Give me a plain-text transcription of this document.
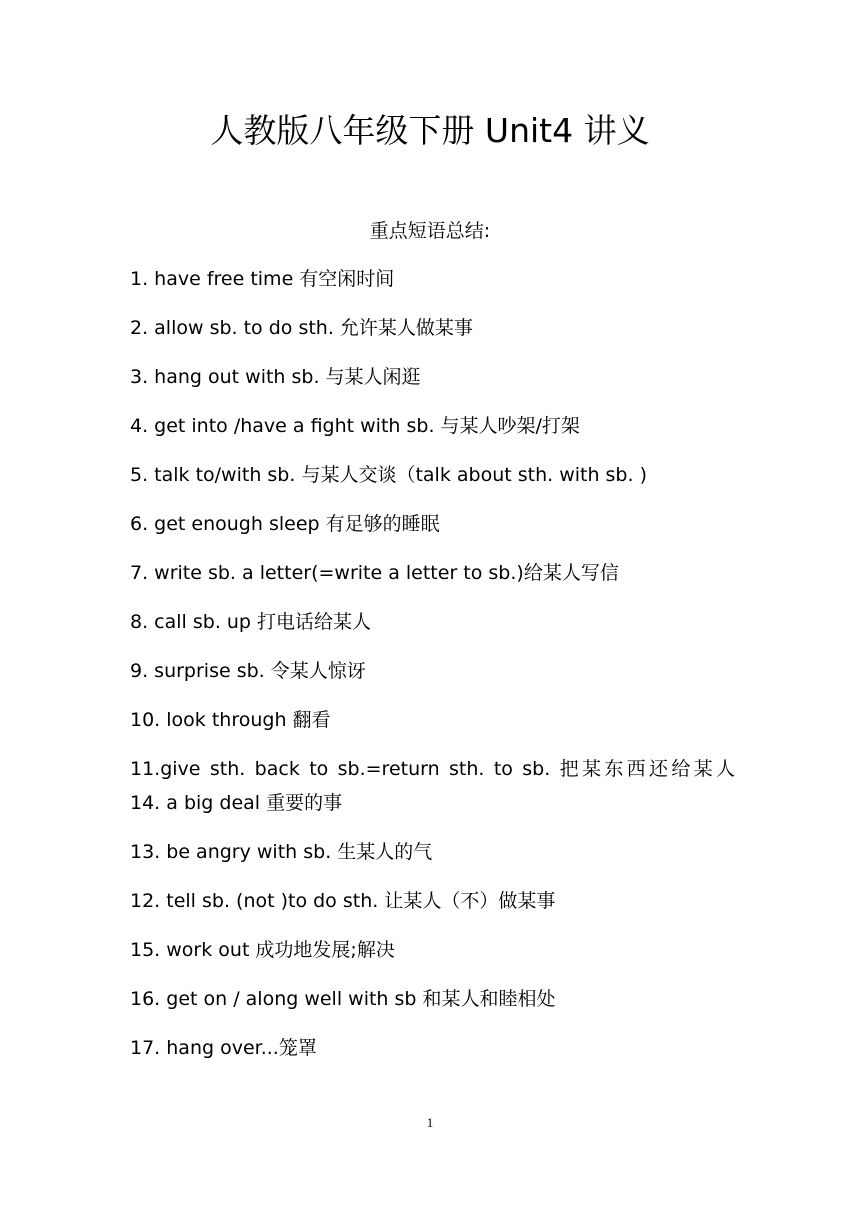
人教版八年级下册 Unit4 讲义
重点短语总结:
1. have free time 有空闲时间
2. allow sb. to do sth. 允许某人做某事
3. hang out with sb. 与某人闲逛
4. get into /have a fight with sb. 与某人吵架/打架
5. talk to/with sb. 与某人交谈（talk about sth. with sb. )
6. get enough sleep 有足够的睡眠
7. write sb. a letter(=write a letter to sb.)给某人写信
8. call sb. up 打电话给某人
9. surprise sb. 令某人惊讶
10. look through 翻看
11.give sth. back to sb.=return sth. to sb. 把某东西还给某人
14. a big deal 重要的事
13. be angry with sb. 生某人的气
12. tell sb. (not )to do sth. 让某人（不）做某事
15. work out 成功地发展;解决
16. get on / along well with sb 和某人和睦相处
17. hang over...笼罩
1
